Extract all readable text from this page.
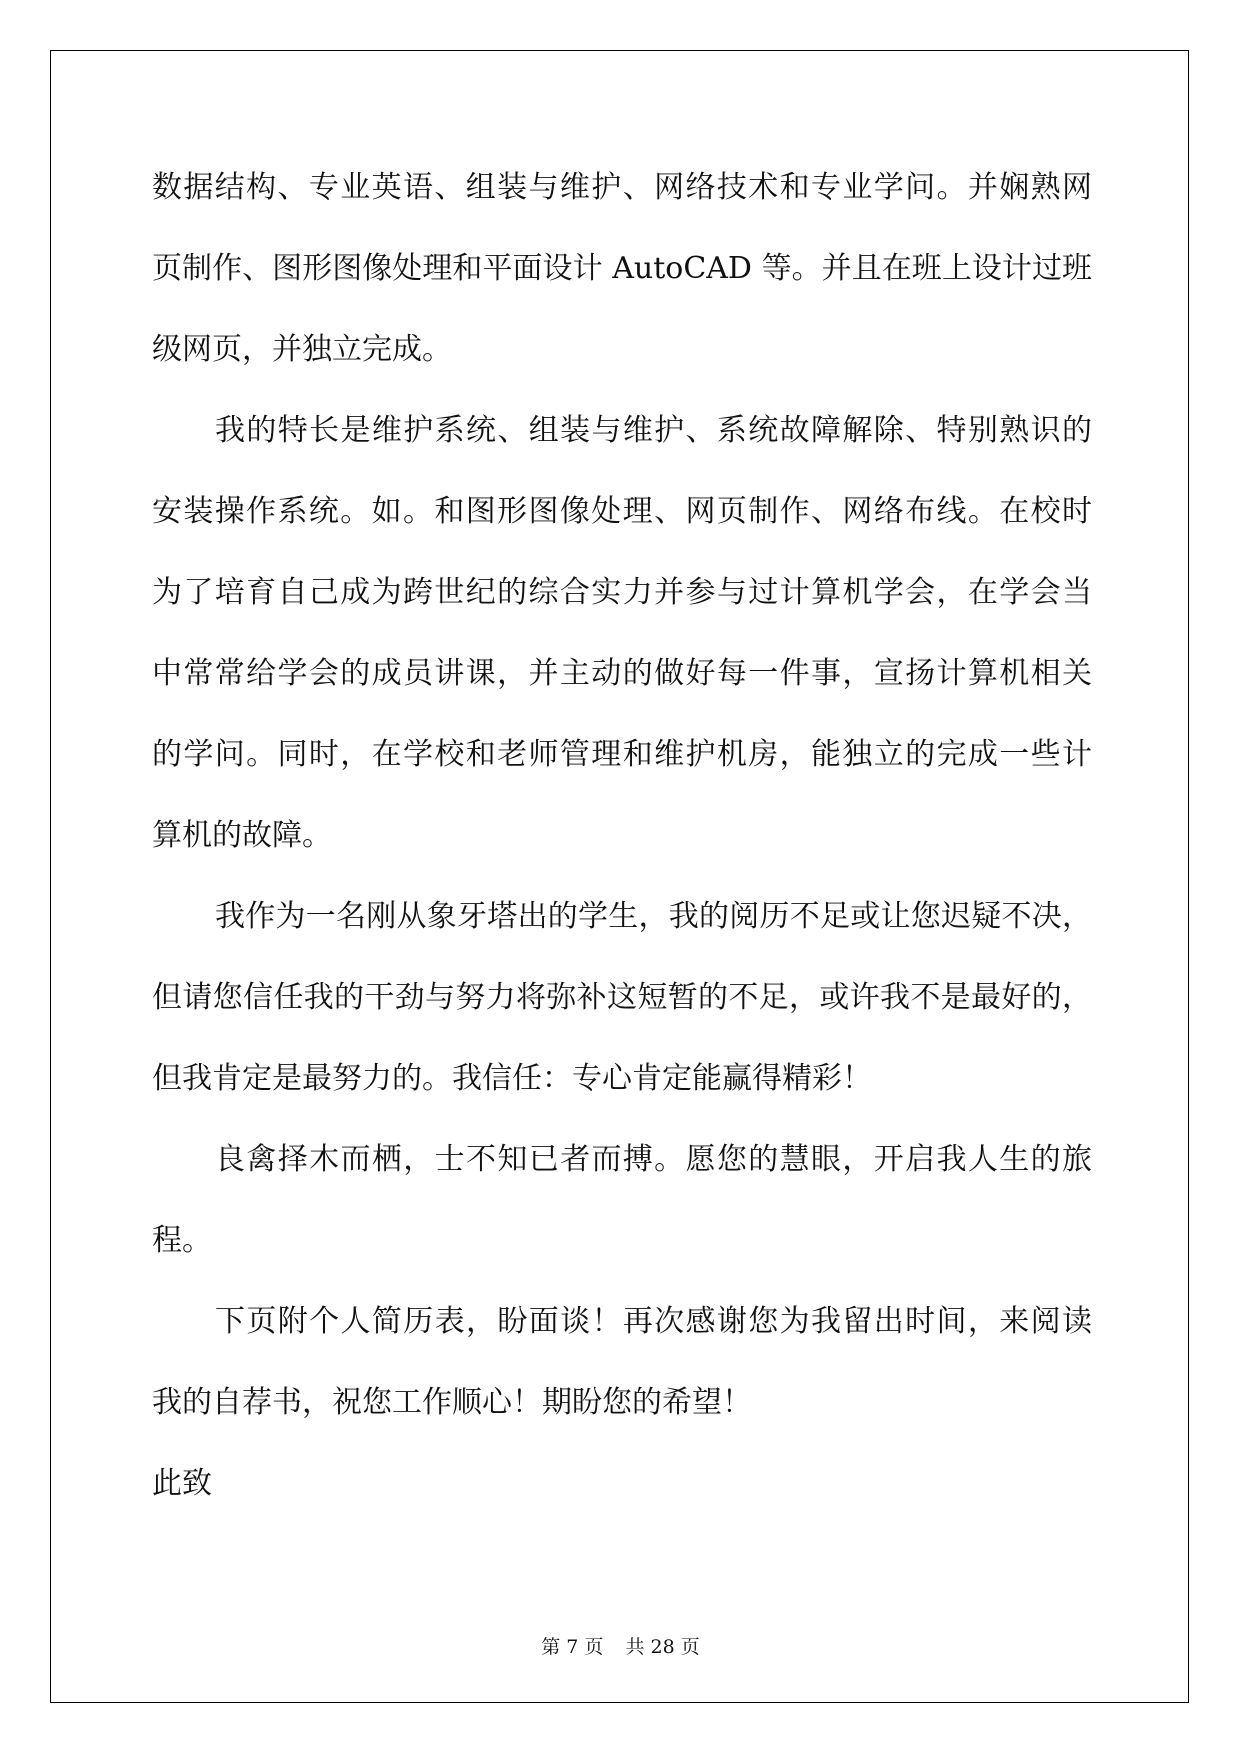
数据结构、专业英语、组装与维护、网络技术和专业学问。并娴熟网
页制作、图形图像处理和平面设计 AutoCAD 等。并且在班上设计过班
级网页，并独立完成。
我的特长是维护系统、组装与维护、系统故障解除、特别熟识的
安装操作系统。如。和图形图像处理、网页制作、网络布线。在校时
为了培育自己成为跨世纪的综合实力并参与过计算机学会，在学会当
中常常给学会的成员讲课，并主动的做好每一件事，宣扬计算机相关
的学问。同时，在学校和老师管理和维护机房，能独立的完成一些计
算机的故障。
我作为一名刚从象牙塔出的学生，我的阅历不足或让您迟疑不决，
但请您信任我的干劲与努力将弥补这短暂的不足，或许我不是最好的，
但我肯定是最努力的。我信任：专心肯定能赢得精彩！
良禽择木而栖，士不知已者而搏。愿您的慧眼，开启我人生的旅
程。
下页附个人简历表，盼面谈！再次感谢您为我留出时间，来阅读
我的自荐书，祝您工作顺心！期盼您的希望！
此致
第 7 页 共 28 页
